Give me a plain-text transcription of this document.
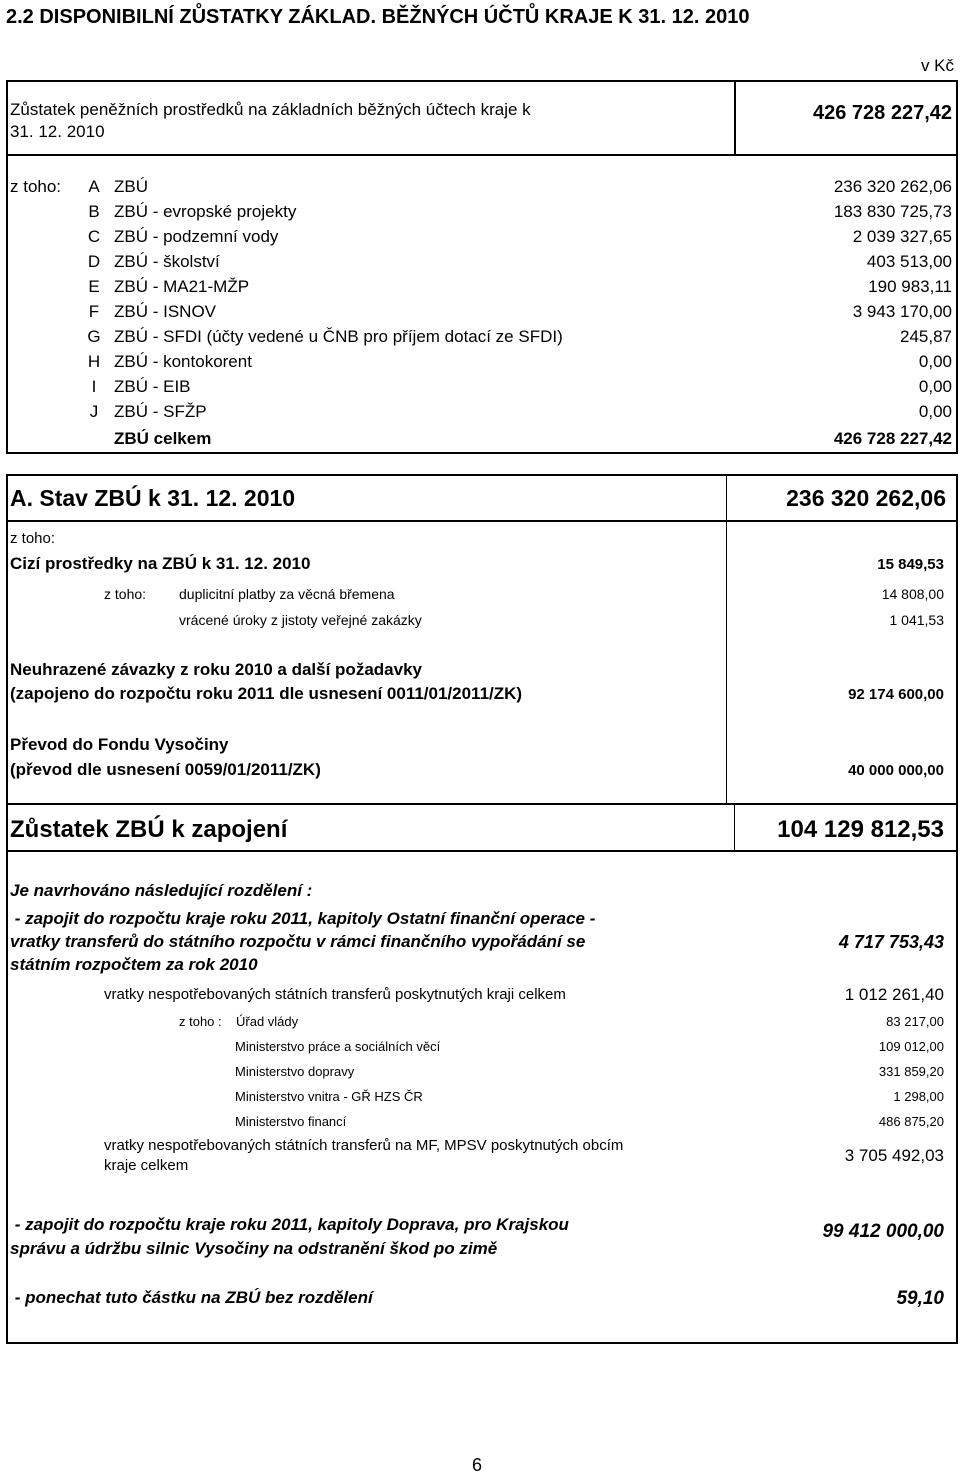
2.2 DISPONIBILNÍ ZŮSTATKY ZÁKLAD. BĚŽNÝCH ÚČTŮ KRAJE K 31. 12. 2010
v Kč
Zůstatek peněžních prostředků na základních běžných účtech kraje k
31. 12. 2010
426 728 227,42
z toho: A ZBÚ	236 320 262,06
B ZBÚ - evropské projekty	183 830 725,73
C ZBÚ - podzemní vody	2 039 327,65
D ZBÚ - školství	403 513,00
E ZBÚ - MA21-MŽP	190 983,11
F ZBÚ - ISNOV	3 943 170,00
G ZBÚ - SFDI (účty vedené u ČNB pro příjem dotací ze SFDI)	245,87
H ZBÚ - kontokorent	0,00
I	ZBÚ - EIB	0,00
J ZBÚ - SFŽP	0,00
ZBÚ celkem	426 728 227,42
A. Stav ZBÚ k 31. 12. 2010	236 320 262,06
z toho:
Cizí prostředky na ZBÚ k 31. 12. 2010	15 849,53
z toho: duplicitní platby za věcná břemena	14 808,00
vrácené úroky z jistoty veřejné zakázky	1 041,53
Neuhrazené závazky z roku 2010 a další požadavky
(zapojeno do rozpočtu roku 2011 dle usnesení 0011/01/2011/ZK)	92 174 600,00
Převod do Fondu Vysočiny
(převod dle usnesení 0059/01/2011/ZK)	40 000 000,00
Zůstatek ZBÚ k zapojení	104 129 812,53
Je navrhováno následující rozdělení :
- zapojit do rozpočtu kraje roku 2011, kapitoly Ostatní finanční operace -
vratky transferů do státního rozpočtu v rámci finančního vypořádání se
státním rozpočtem za rok 2010
4 717 753,43
vratky nespotřebovaných státních transferů poskytnutých kraji celkem	1 012 261,40
z toho : Úřad vlády	83 217,00
Ministerstvo práce a sociálních věcí	109 012,00
Ministerstvo dopravy	331 859,20
Ministerstvo vnitra - GŘ HZS ČR	1 298,00
Ministerstvo financí	486 875,20
vratky nespotřebovaných státních transferů na MF, MPSV poskytnutých obcím
kraje celkem
3 705 492,03
- zapojit do rozpočtu kraje roku 2011, kapitoly Doprava, pro Krajskou
správu a údržbu silnic Vysočiny na odstranění škod po zimě
99 412 000,00
- ponechat tuto částku na ZBÚ bez rozdělení	59,10
6
